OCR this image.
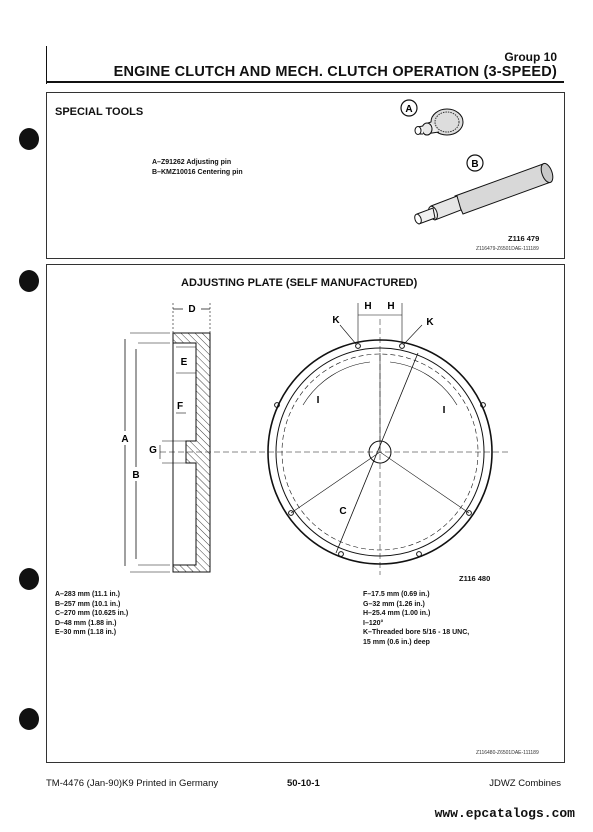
Group 10
ENGINE CLUTCH AND MECH. CLUTCH OPERATION (3-SPEED)
SPECIAL TOOLS
A–Z91262 Adjusting pin
B–KMZ10016 Centering pin
A
B
Z116 479
Z116479-Z6501DAE-111189
ADJUSTING PLATE (SELF MANUFACTURED)
D
E
F
G
A
B
H H
K	K
I
I
C
Z116 480
A–283 mm (11.1 in.)
B–257 mm (10.1 in.)
C–270 mm (10.625 in.)
D–48 mm (1.88 in.)
E–30 mm (1.18 in.)
F–17.5 mm (0.69 in.)
G–32 mm (1.26 in.)
H–25.4 mm (1.00 in.)
I–120°
K–Threaded bore 5/16 - 18 UNC,
15 mm (0.6 in.) deep
Z116480-Z6501DAE-111189
TM-4476 (Jan-90)K9 Printed in Germany	50-10-1	JDWZ Combines
www.epcatalogs.com
